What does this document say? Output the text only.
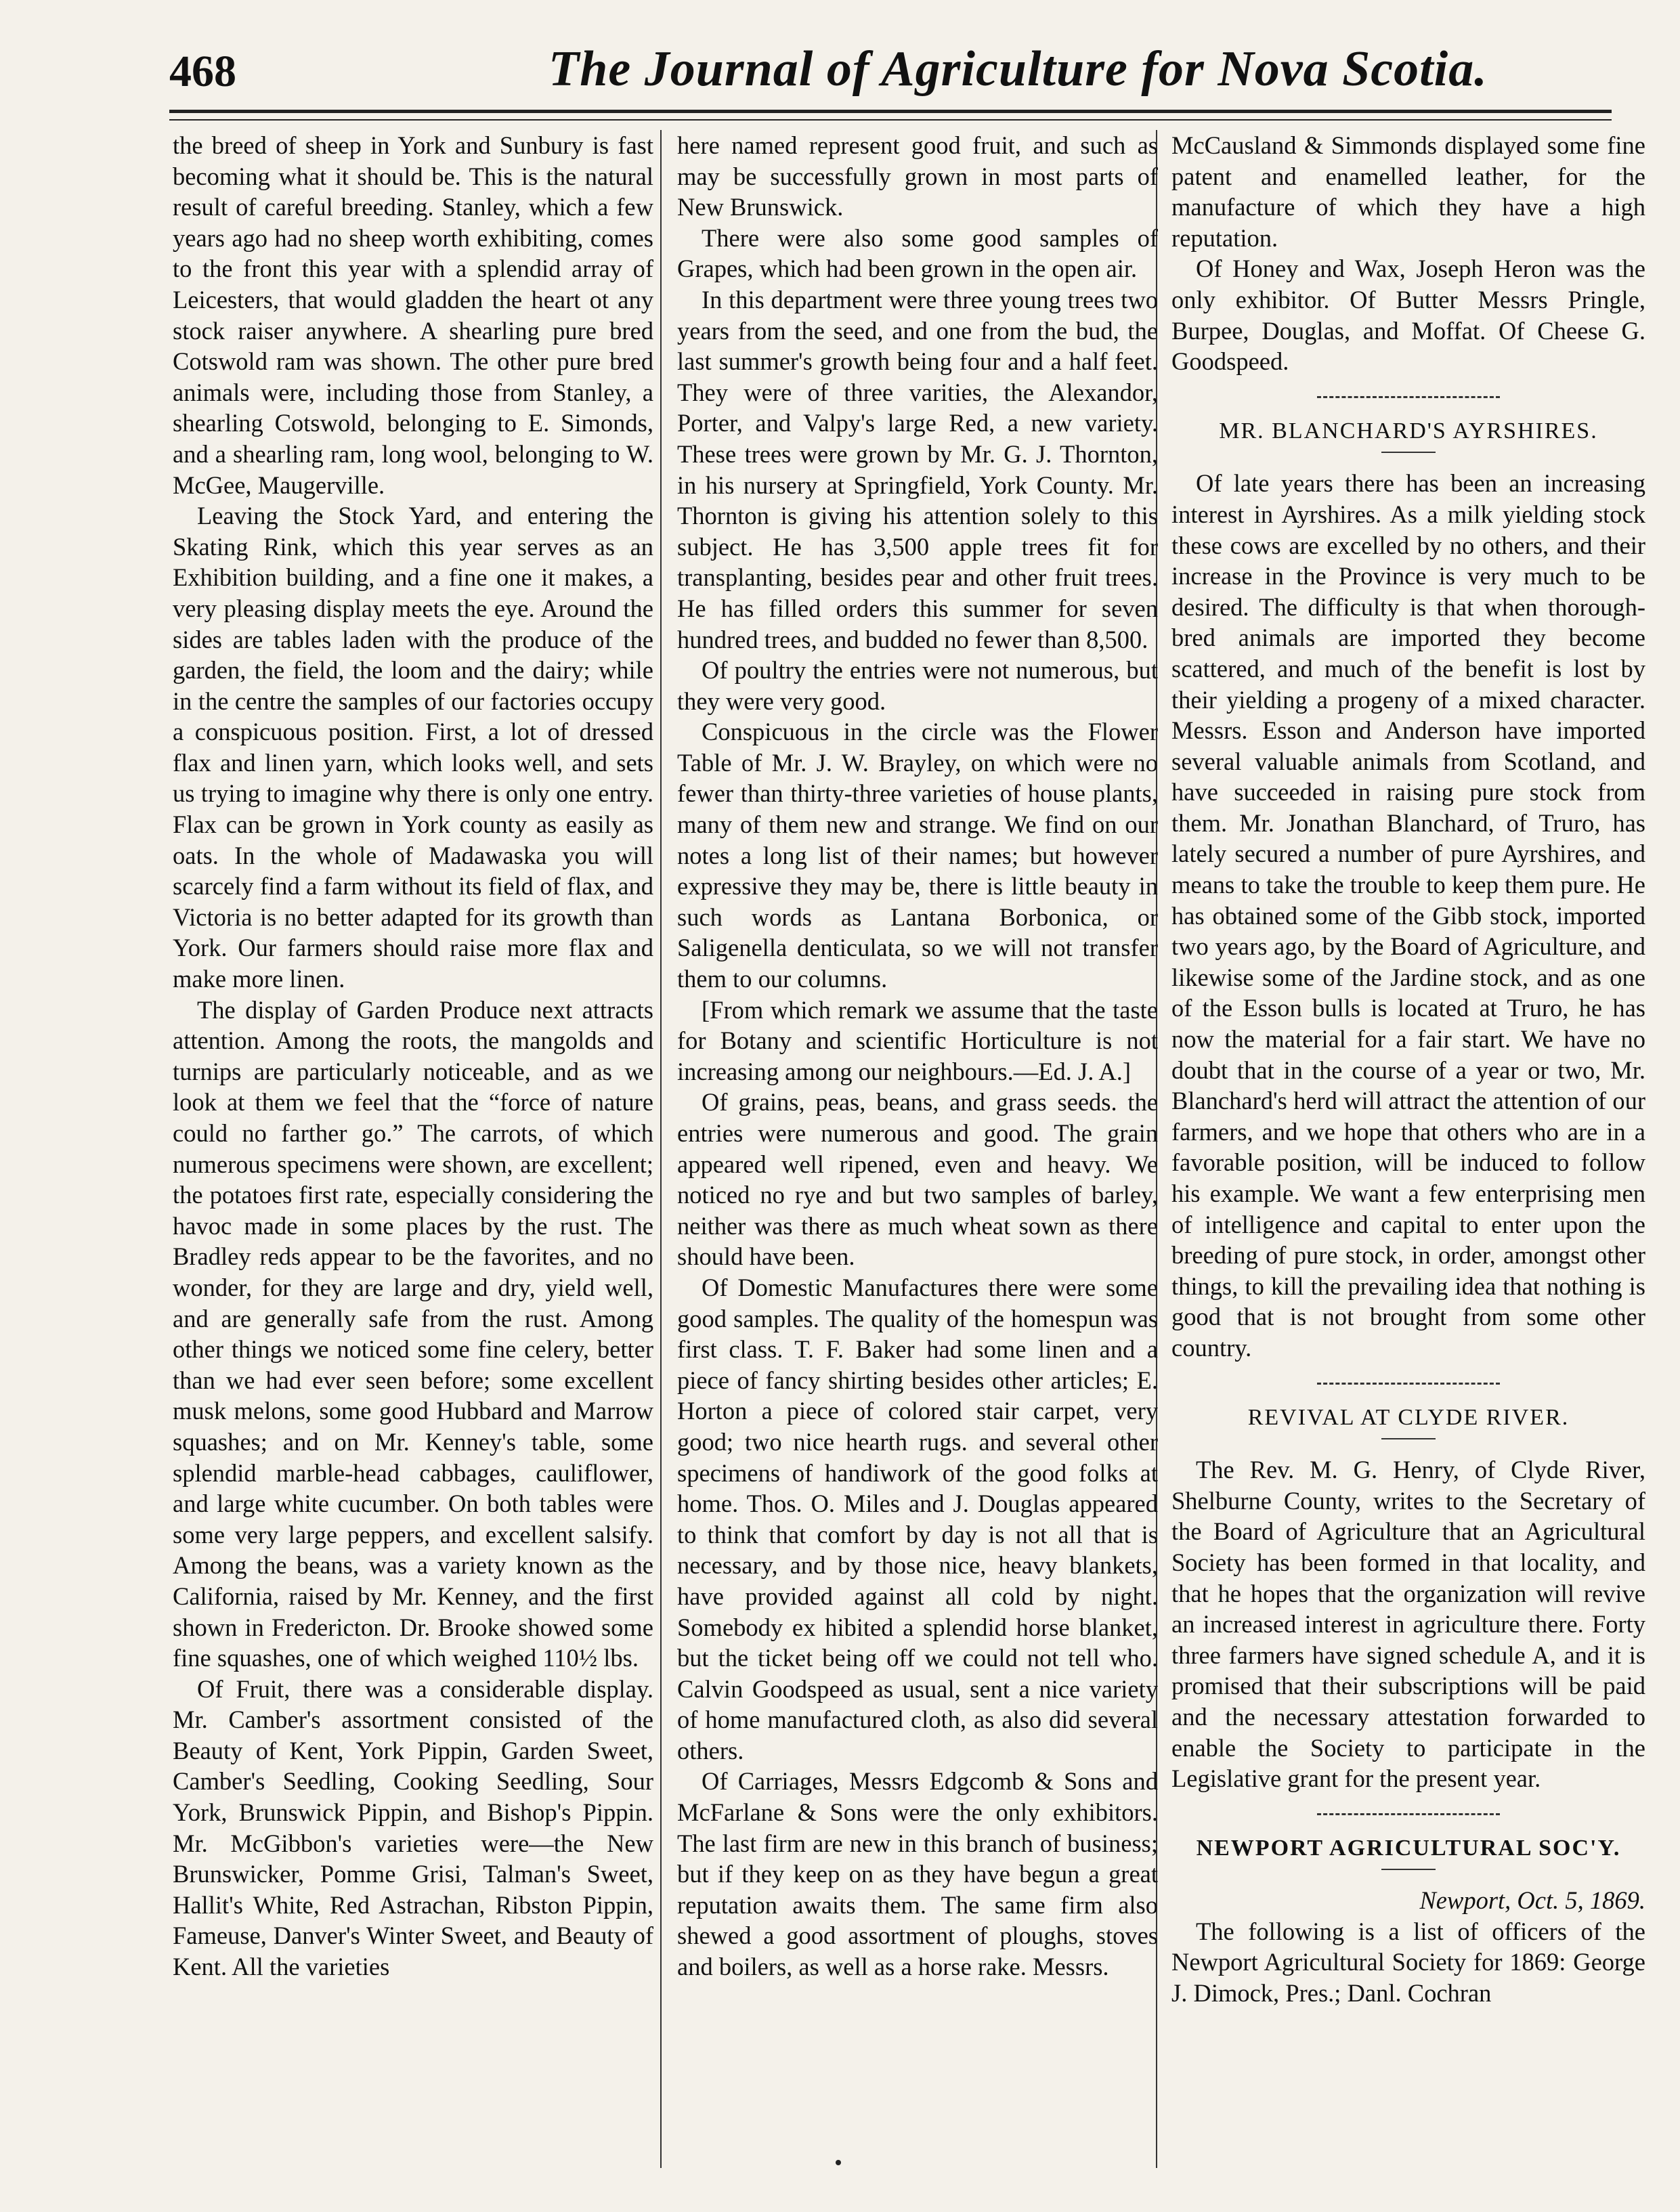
468	The Journal of Agriculture for Nova Scotia.

the breed of sheep in York and Sunbury is fast becoming what it should be. This is the natural result of careful breeding. Stanley, which a few years ago had no sheep worth exhibiting, comes to the front this year with a splendid array of Leicesters, that would gladden the heart ot any stock raiser anywhere. A shearling pure bred Cotswold ram was shown. The other pure bred animals were, including those from Stanley, a shearling Cotswold, belonging to E. Simonds, and a shearling ram, long wool, belonging to W. McGee, Maugerville.

Leaving the Stock Yard, and entering the Skating Rink, which this year serves as an Exhibition building, and a fine one it makes, a very pleasing display meets the eye. Around the sides are tables laden with the produce of the garden, the field, the loom and the dairy; while in the centre the samples of our factories occupy a conspicuous position. First, a lot of dressed flax and linen yarn, which looks well, and sets us trying to imagine why there is only one entry. Flax can be grown in York county as easily as oats. In the whole of Madawaska you will scarcely find a farm without its field of flax, and Victoria is no better adapted for its growth than York. Our farmers should raise more flax and make more linen.

The display of Garden Produce next attracts attention. Among the roots, the mangolds and turnips are particularly noticeable, and as we look at them we feel that the “force of nature could no farther go.” The carrots, of which numerous specimens were shown, are excellent; the potatoes first rate, especially considering the havoc made in some places by the rust. The Bradley reds appear to be the favorites, and no wonder, for they are large and dry, yield well, and are generally safe from the rust. Among other things we noticed some fine celery, better than we had ever seen before; some excellent musk melons, some good Hubbard and Marrow squashes; and on Mr. Kenney's table, some splendid marble-head cabbages, cauliflower, and large white cucumber. On both tables were some very large peppers, and excellent salsify. Among the beans, was a variety known as the California, raised by Mr. Kenney, and the first shown in Fredericton. Dr. Brooke showed some fine squashes, one of which weighed 110½ lbs.

Of Fruit, there was a considerable display. Mr. Camber's assortment consisted of the Beauty of Kent, York Pippin, Garden Sweet, Camber's Seedling, Cooking Seedling, Sour York, Brunswick Pippin, and Bishop's Pippin. Mr. McGibbon's varieties were—the New Brunswicker, Pomme Grisi, Talman's Sweet, Hallit's White, Red Astrachan, Ribston Pippin, Fameuse, Danver's Winter Sweet, and Beauty of Kent. All the varieties

here named represent good fruit, and such as may be successfully grown in most parts of New Brunswick.

There were also some good samples of Grapes, which had been grown in the open air.

In this department were three young trees two years from the seed, and one from the bud, the last summer's growth being four and a half feet. They were of three varities, the Alexandor, Porter, and Valpy's large Red, a new variety. These trees were grown by Mr. G. J. Thornton, in his nursery at Springfield, York County. Mr. Thornton is giving his attention solely to this subject. He has 3,500 apple trees fit for transplanting, besides pear and other fruit trees. He has filled orders this summer for seven hundred trees, and budded no fewer than 8,500.

Of poultry the entries were not numerous, but they were very good.

Conspicuous in the circle was the Flower Table of Mr. J. W. Brayley, on which were no fewer than thirty-three varieties of house plants, many of them new and strange. We find on our notes a long list of their names; but however expressive they may be, there is little beauty in such words as Lantana Borbonica, or Saligenella denticulata, so we will not transfer them to our columns.

[From which remark we assume that the taste for Botany and scientific Horticulture is not increasing among our neighbours.—Ed. J. A.]

Of grains, peas, beans, and grass seeds. the entries were numerous and good. The grain appeared well ripened, even and heavy. We noticed no rye and but two samples of barley, neither was there as much wheat sown as there should have been.

Of Domestic Manufactures there were some good samples. The quality of the homespun was first class. T. F. Baker had some linen and a piece of fancy shirting besides other articles; E. Horton a piece of colored stair carpet, very good; two nice hearth rugs. and several other specimens of handiwork of the good folks at home. Thos. O. Miles and J. Douglas appeared to think that comfort by day is not all that is necessary, and by those nice, heavy blankets, have provided against all cold by night. Somebody ex hibited a splendid horse blanket, but the ticket being off we could not tell who. Calvin Goodspeed as usual, sent a nice variety of home manufactured cloth, as also did several others.

Of Carriages, Messrs Edgcomb & Sons and McFarlane & Sons were the only exhibitors. The last firm are new in this branch of business; but if they keep on as they have begun a great reputation awaits them. The same firm also shewed a good assortment of ploughs, stoves and boilers, as well as a horse rake. Messrs.

McCausland & Simmonds displayed some fine patent and enamelled leather, for the manufacture of which they have a high reputation.

Of Honey and Wax, Joseph Heron was the only exhibitor. Of Butter Messrs Pringle, Burpee, Douglas, and Moffat. Of Cheese G. Goodspeed.

MR. BLANCHARD'S AYRSHIRES.

Of late years there has been an increasing interest in Ayrshires. As a milk yielding stock these cows are excelled by no others, and their increase in the Province is very much to be desired. The difficulty is that when thorough-bred animals are imported they become scattered, and much of the benefit is lost by their yielding a progeny of a mixed character. Messrs. Esson and Anderson have imported several valuable animals from Scotland, and have succeeded in raising pure stock from them. Mr. Jonathan Blanchard, of Truro, has lately secured a number of pure Ayrshires, and means to take the trouble to keep them pure. He has obtained some of the Gibb stock, imported two years ago, by the Board of Agriculture, and likewise some of the Jardine stock, and as one of the Esson bulls is located at Truro, he has now the material for a fair start. We have no doubt that in the course of a year or two, Mr. Blanchard's herd will attract the attention of our farmers, and we hope that others who are in a favorable position, will be induced to follow his example. We want a few enterprising men of intelligence and capital to enter upon the breeding of pure stock, in order, amongst other things, to kill the prevailing idea that nothing is good that is not brought from some other country.

REVIVAL AT CLYDE RIVER.

The Rev. M. G. Henry, of Clyde River, Shelburne County, writes to the Secretary of the Board of Agriculture that an Agricultural Society has been formed in that locality, and that he hopes that the organization will revive an increased interest in agriculture there. Forty three farmers have signed schedule A, and it is promised that their subscriptions will be paid and the necessary attestation forwarded to enable the Society to participate in the Legislative grant for the present year.

NEWPORT AGRICULTURAL SOC'Y.

Newport, Oct. 5, 1869.

The following is a list of officers of the Newport Agricultural Society for 1869: George J. Dimock, Pres.; Danl. Cochran
